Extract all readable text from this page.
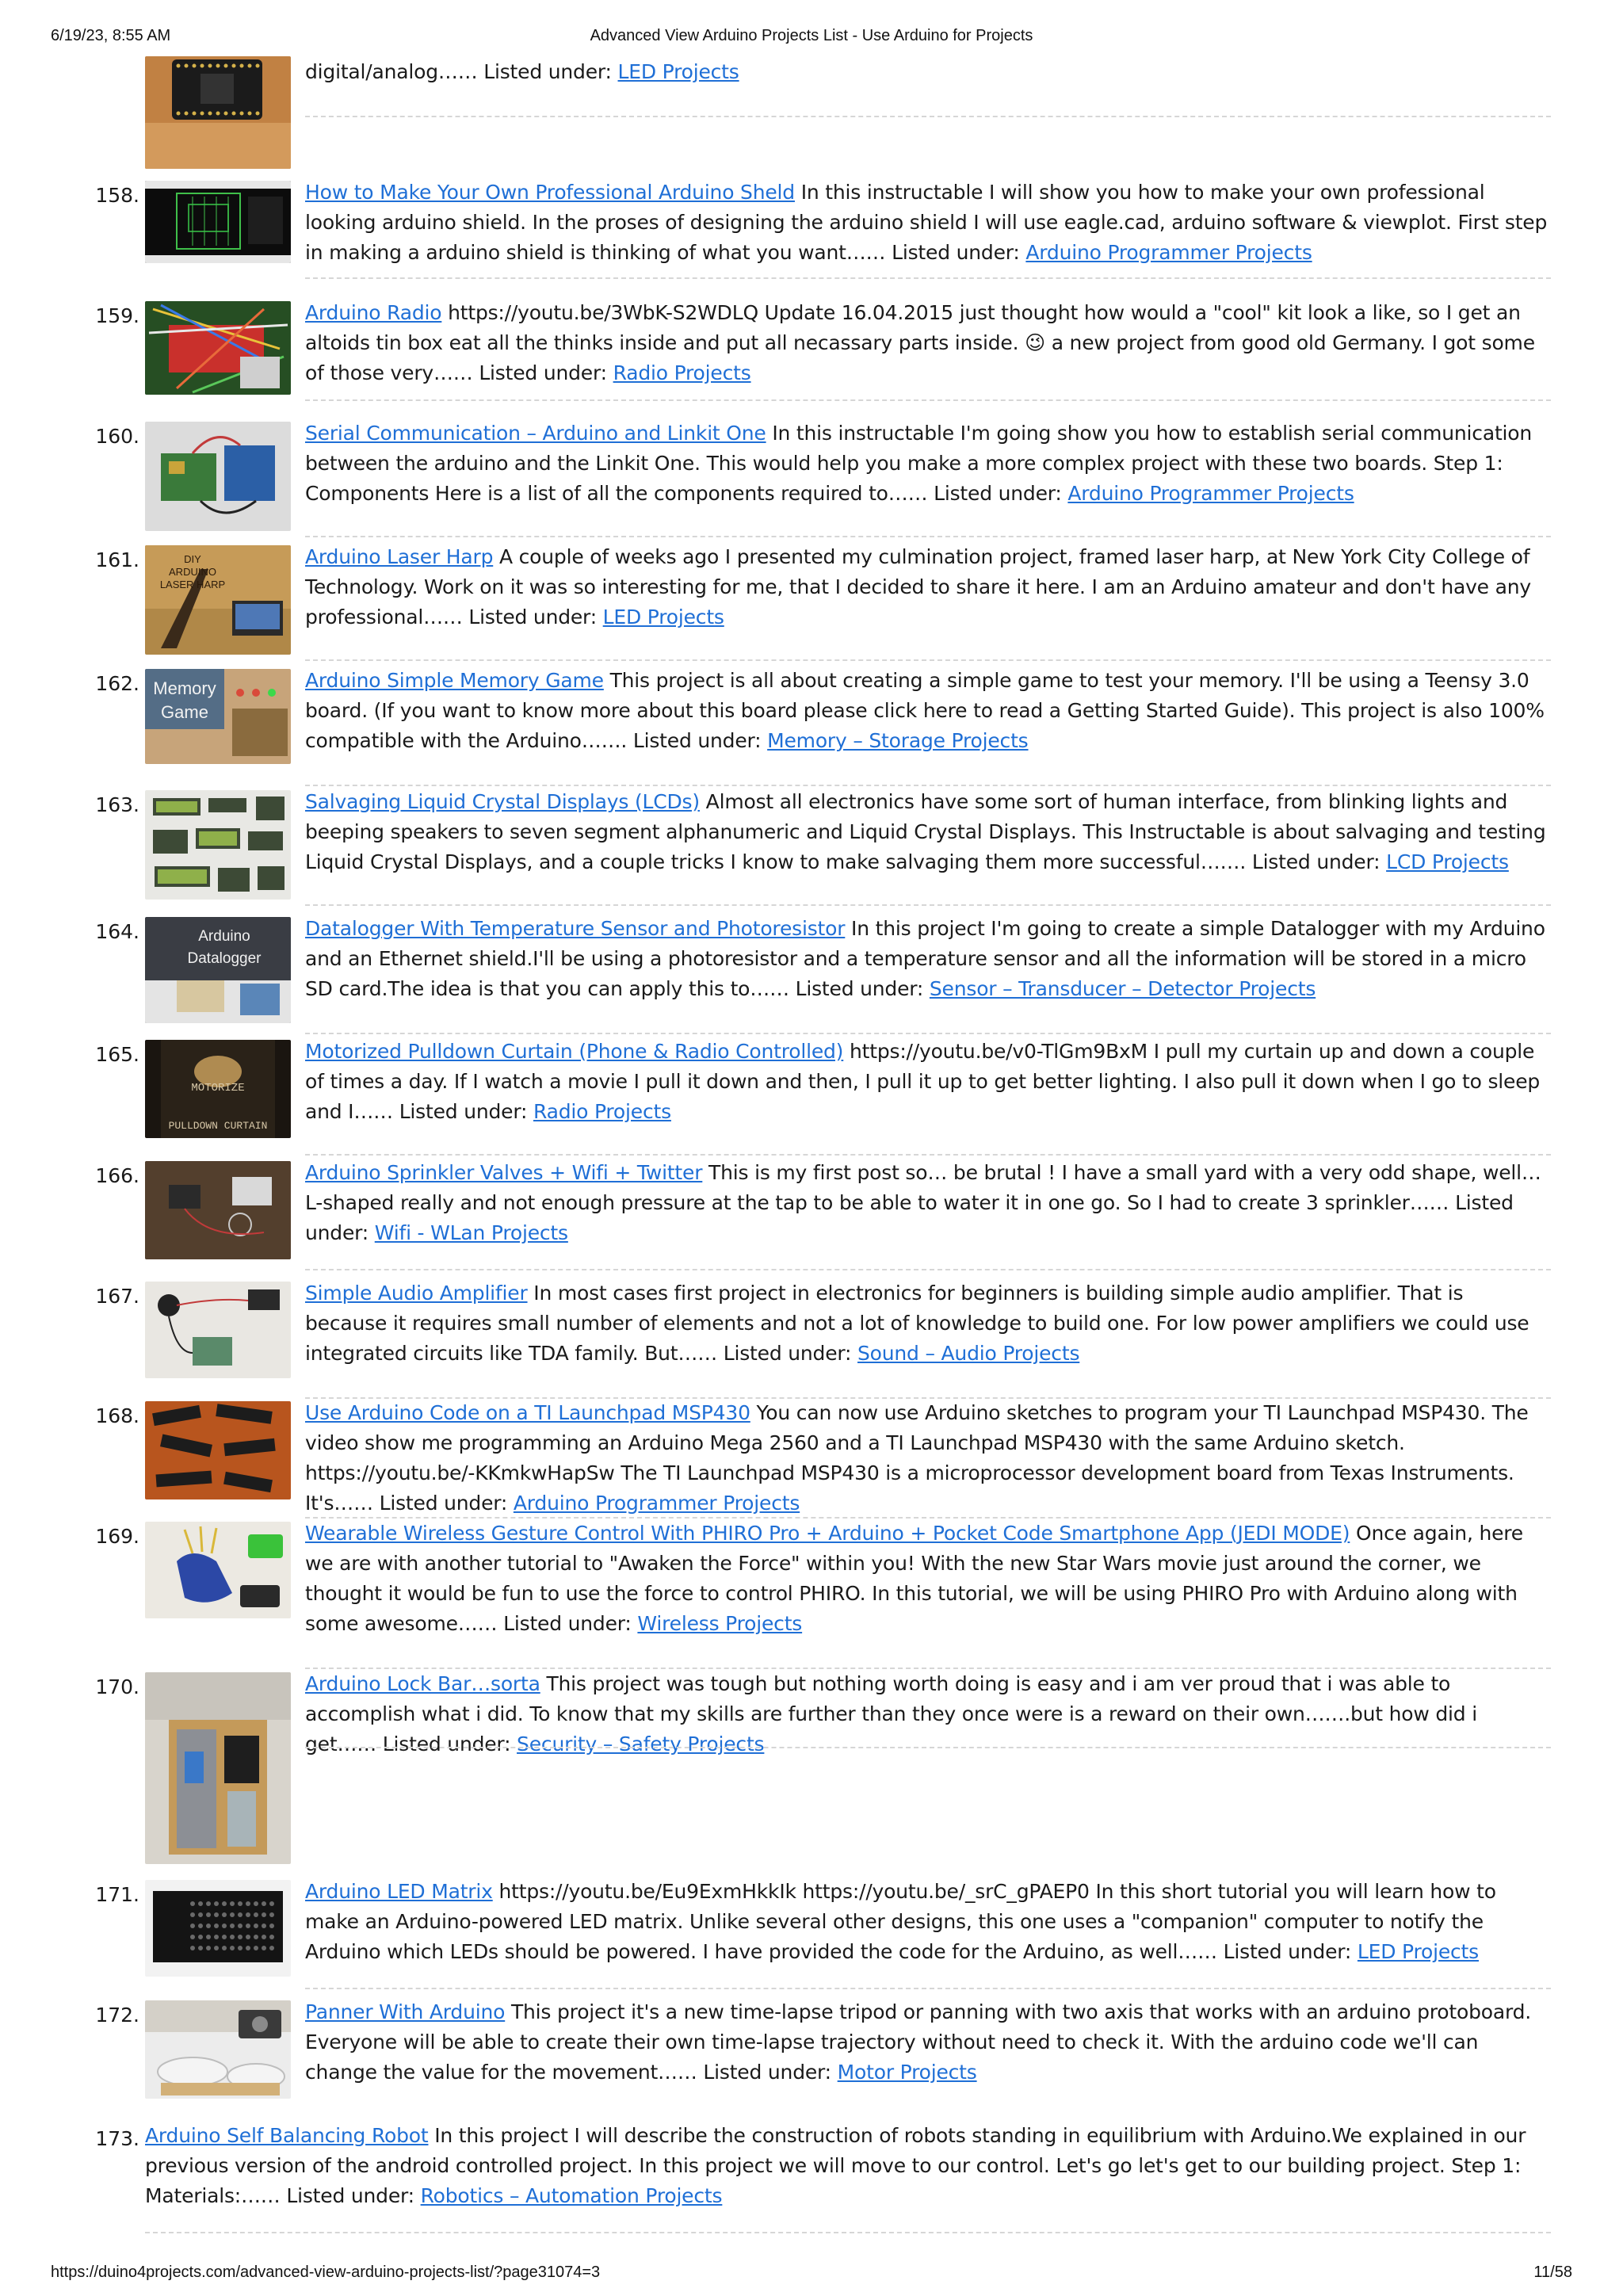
6/19/23, 8:55 AM	Advanced View Arduino Projects List - Use Arduino for Projects
digital/analog…… Listed under: LED Projects
158.	How to Make Your Own Professional Arduino Sheld In this instructable I will show you how to make your own professional looking arduino shield. In the proses of designing the arduino shield I will use eagle.cad, arduino software & viewplot. First step in making a arduino shield is thinking of what you want…… Listed under: Arduino Programmer Projects
159.	Arduino Radio https://youtu.be/3WbK-S2WDLQ Update 16.04.2015 just thought how would a "cool" kit look a like, so I get an altoids tin box eat all the thinks inside and put all necassary parts inside. 😉 a new project from good old Germany. I got some of those very…… Listed under: Radio Projects
160.	Serial Communication – Arduino and Linkit One In this instructable I'm going show you how to establish serial communication between the arduino and the Linkit One. This would help you make a more complex project with these two boards. Step 1: Components Here is a list of all the components required to…… Listed under: Arduino Programmer Projects
161.	DIY
ARDUINO
LASER HARP
Arduino Laser Harp A couple of weeks ago I presented my culmination project, framed laser harp, at New York City College of Technology. Work on it was so interesting for me, that I decided to share it here. I am an Arduino amateur and don't have any professional…… Listed under: LED Projects
162. Memory
Game
Arduino Simple Memory Game This project is all about creating a simple game to test your memory. I'll be using a Teensy 3.0 board. (If you want to know more about this board please click here to read a Getting Started Guide). This project is also 100% compatible with the Arduino……. Listed under: Memory – Storage Projects
163.	Salvaging Liquid Crystal Displays (LCDs) Almost all electronics have some sort of human interface, from blinking lights and beeping speakers to seven segment alphanumeric and Liquid Crystal Displays. This Instructable is about salvaging and testing Liquid Crystal Displays, and a couple tricks I know to make salvaging them more successful……. Listed under: LCD Projects
164.	Arduino
Datalogger
Datalogger With Temperature Sensor and Photoresistor In this project I'm going to create a simple Datalogger with my Arduino and an Ethernet shield.I'll be using a photoresistor and a temperature sensor and all the information will be stored in a micro SD card.The idea is that you can apply this to…… Listed under: Sensor – Transducer – Detector Projects
165.
MOTORIZE
PULLDOWN CURTAIN
Motorized Pulldown Curtain (Phone & Radio Controlled) https://youtu.be/v0-TlGm9BxM I pull my curtain up and down a couple of times a day. If I watch a movie I pull it down and then, I pull it up to get better lighting. I also pull it down when I go to sleep and I…… Listed under: Radio Projects
166.	Arduino Sprinkler Valves + Wifi + Twitter This is my first post so… be brutal ! I have a small yard with a very odd shape, well… L-shaped really and not enough pressure at the tap to be able to water it in one go. So I had to create 3 sprinkler…… Listed under: Wifi - WLan Projects
167.	Simple Audio Amplifier In most cases first project in electronics for beginners is building simple audio amplifier. That is because it requires small number of elements and not a lot of knowledge to build one. For low power amplifiers we could use integrated circuits like TDA family. But…… Listed under: Sound – Audio Projects
168.	Use Arduino Code on a TI Launchpad MSP430 You can now use Arduino sketches to program your TI Launchpad MSP430. The video show me programming an Arduino Mega 2560 and a TI Launchpad MSP430 with the same Arduino sketch. https://youtu.be/-KKmkwHapSw The TI Launchpad MSP430 is a microprocessor development board from Texas Instruments. It's…… Listed under: Arduino Programmer Projects
169.	Wearable Wireless Gesture Control With PHIRO Pro + Arduino + Pocket Code Smartphone App (JEDI MODE) Once again, here we are with another tutorial to "Awaken the Force" within you! With the new Star Wars movie just around the corner, we thought it would be fun to use the force to control PHIRO. In this tutorial, we will be using PHIRO Pro with Arduino along with some awesome…… Listed under: Wireless Projects
170.	Arduino Lock Bar…sorta This project was tough but nothing worth doing is easy and i am ver proud that i was able to accomplish what i did. To know that my skills are further than they once were is a reward on their own…….but how did i get…… Listed under: Security – Safety Projects
171.	Arduino LED Matrix https://youtu.be/Eu9ExmHkkIk https://youtu.be/_srC_gPAEP0 In this short tutorial you will learn how to make an Arduino-powered LED matrix. Unlike several other designs, this one uses a "companion" computer to notify the Arduino which LEDs should be powered. I have provided the code for the Arduino, as well…… Listed under: LED Projects
172.	Panner With Arduino This project it's a new time-lapse tripod or panning with two axis that works with an arduino protoboard. Everyone will be able to create their own time-lapse trajectory without need to check it. With the arduino code we'll can change the value for the movement…… Listed under: Motor Projects
173. Arduino Self Balancing Robot In this project I will describe the construction of robots standing in equilibrium with Arduino.We explained in our previous version of the android controlled project. In this project we will move to our control. Let's go let's get to our building project. Step 1: Materials:…… Listed under: Robotics – Automation Projects
https://duino4projects.com/advanced-view-arduino-projects-list/?page31074=3	11/58
